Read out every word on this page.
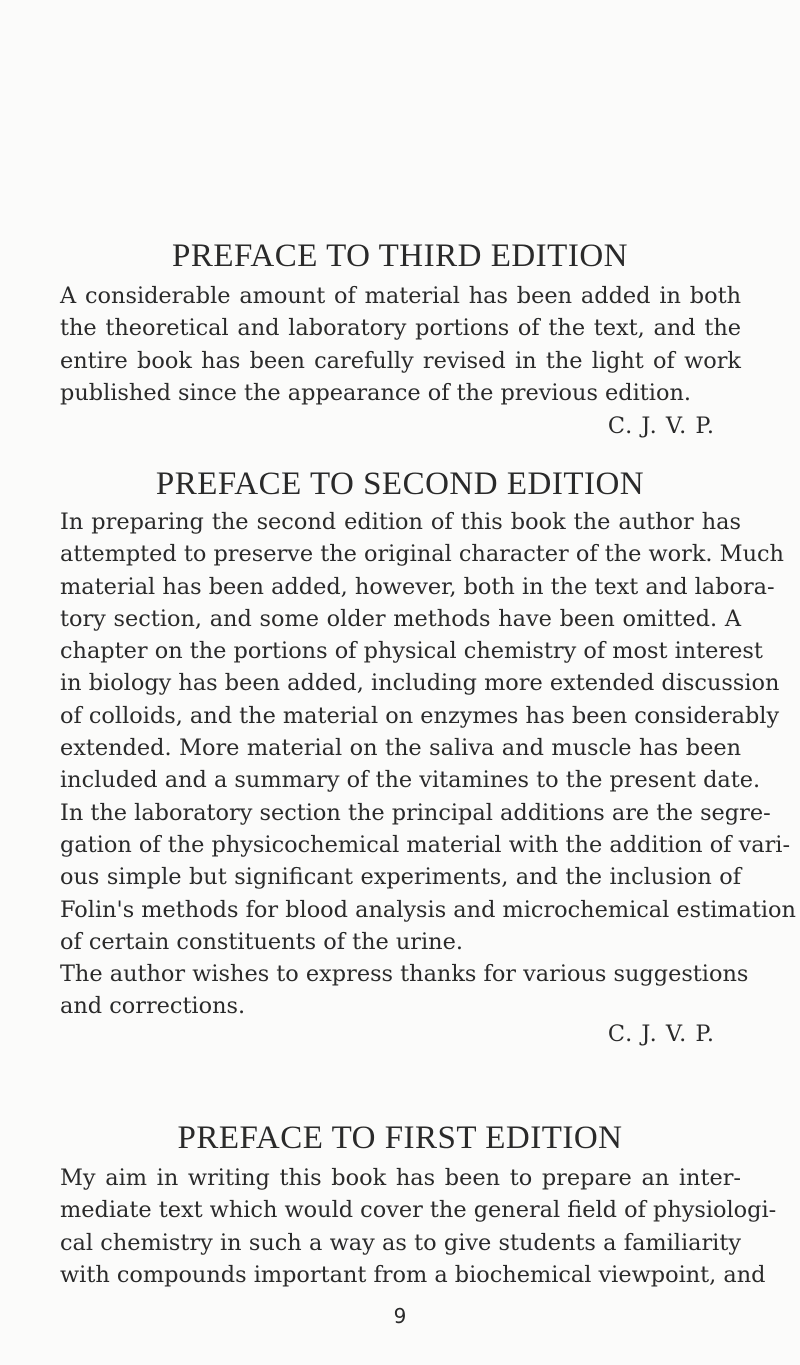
PREFACE TO THIRD EDITION
A considerable amount of material has been added in both
the theoretical and laboratory portions of the text, and the
entire book has been carefully revised in the light of work
published since the appearance of the previous edition.
C. J. V. P.
PREFACE TO SECOND EDITION
In preparing the second edition of this book the author has
attempted to preserve the original character of the work. Much
material has been added, however, both in the text and labora-
tory section, and some older methods have been omitted. A
chapter on the portions of physical chemistry of most interest
in biology has been added, including more extended discussion
of colloids, and the material on enzymes has been considerably
extended. More material on the saliva and muscle has been
included and a summary of the vitamines to the present date.
In the laboratory section the principal additions are the segre-
gation of the physicochemical material with the addition of vari-
ous simple but significant experiments, and the inclusion of
Folin's methods for blood analysis and microchemical estimation
of certain constituents of the urine.
The author wishes to express thanks for various suggestions
and corrections.
C. J. V. P.
PREFACE TO FIRST EDITION
My aim in writing this book has been to prepare an inter-
mediate text which would cover the general field of physiologi-
cal chemistry in such a way as to give students a familiarity
with compounds important from a biochemical viewpoint, and
9
